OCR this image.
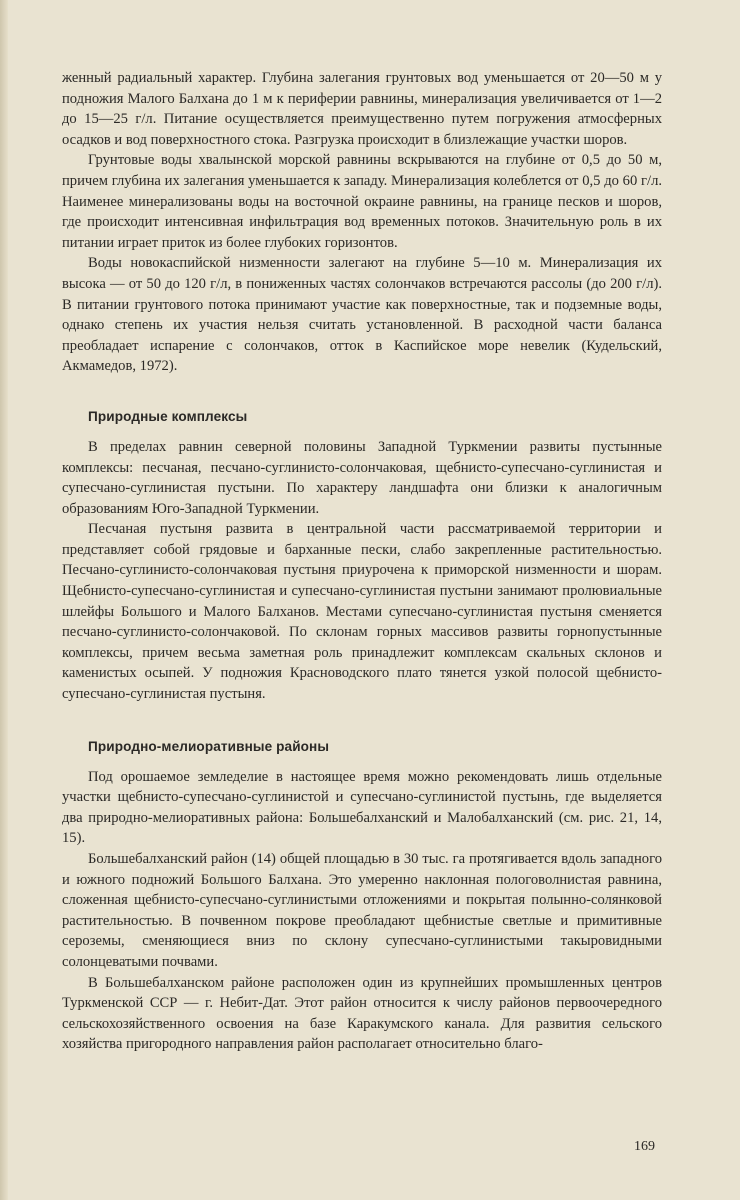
женный радиальный характер. Глубина залегания грунтовых вод уменьшается от 20—50 м у подножия Малого Балхана до 1 м к периферии равнины, минерализация увеличивается от 1—2 до 15—25 г/л. Питание осуществляется преимущественно путем погружения атмосферных осадков и вод поверхностного стока. Разгрузка происходит в близлежащие участки шоров.

Грунтовые воды хвалынской морской равнины вскрываются на глубине от 0,5 до 50 м, причем глубина их залегания уменьшается к западу. Минерализация колеблется от 0,5 до 60 г/л. Наименее минерализованы воды на восточной окраине равнины, на границе песков и шоров, где происходит интенсивная инфильтрация вод временных потоков. Значительную роль в их питании играет приток из более глубоких горизонтов.

Воды новокаспийской низменности залегают на глубине 5—10 м. Минерализация их высока — от 50 до 120 г/л, в пониженных частях солончаков встречаются рассолы (до 200 г/л). В питании грунтового потока принимают участие как поверхностные, так и подземные воды, однако степень их участия нельзя считать установленной. В расходной части баланса преобладает испарение с солончаков, отток в Каспийское море невелик (Кудельский, Акмамедов, 1972).

Природные комплексы

В пределах равнин северной половины Западной Туркмении развиты пустынные комплексы: песчаная, песчано-суглинисто-солончаковая, щебнисто-супесчано-суглинистая и супесчано-суглинистая пустыни. По характеру ландшафта они близки к аналогичным образованиям Юго-Западной Туркмении.

Песчаная пустыня развита в центральной части рассматриваемой территории и представляет собой грядовые и барханные пески, слабо закрепленные растительностью. Песчано-суглинисто-солончаковая пустыня приурочена к приморской низменности и шорам. Щебнисто-супесчано-суглинистая и супесчано-суглинистая пустыни занимают пролювиальные шлейфы Большого и Малого Балханов. Местами супесчано-суглинистая пустыня сменяется песчано-суглинисто-солончаковой. По склонам горных массивов развиты горнопустынные комплексы, причем весьма заметная роль принадлежит комплексам скальных склонов и каменистых осыпей. У подножия Красноводского плато тянется узкой полосой щебнисто-супесчано-суглинистая пустыня.

Природно-мелиоративные районы

Под орошаемое земледелие в настоящее время можно рекомендовать лишь отдельные участки щебнисто-супесчано-суглинистой и супесчано-суглинистой пустынь, где выделяется два природно-мелиоративных района: Большебалханский и Малобалханский (см. рис. 21, 14, 15).

Большебалханский район (14) общей площадью в 30 тыс. га протягивается вдоль западного и южного подножий Большого Балхана. Это умеренно наклонная пологоволнистая равнина, сложенная щебнисто-супесчано-суглинистыми отложениями и покрытая полынно-солянковой растительностью. В почвенном покрове преобладают щебнистые светлые и примитивные сероземы, сменяющиеся вниз по склону супесчано-суглинистыми такыровидными солонцеватыми почвами.

В Большебалханском районе расположен один из крупнейших промышленных центров Туркменской ССР — г. Небит-Дат. Этот район относится к числу районов первоочередного сельскохозяйственного освоения на базе Каракумского канала. Для развития сельского хозяйства пригородного направления район располагает относительно благо-

169
